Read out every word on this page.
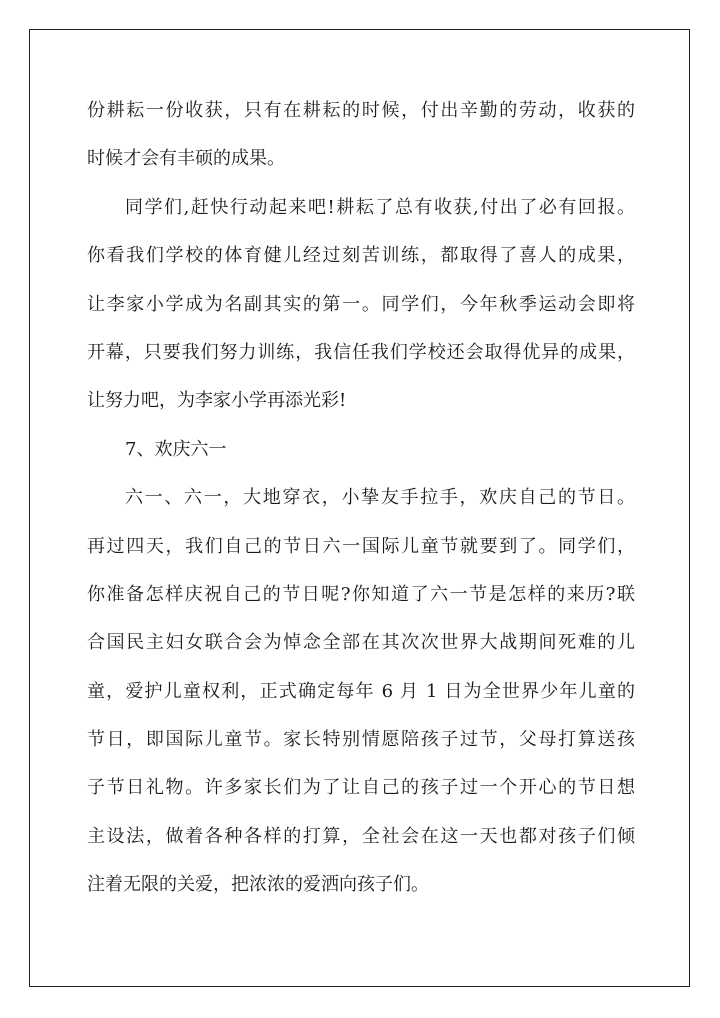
份耕耘一份收获，只有在耕耘的时候，付出辛勤的劳动，收获的
时候才会有丰硕的成果。
同学们,赶快行动起来吧!耕耘了总有收获,付出了必有回报。
你看我们学校的体育健儿经过刻苦训练，都取得了喜人的成果，
让李家小学成为名副其实的第一。同学们，今年秋季运动会即将
开幕，只要我们努力训练，我信任我们学校还会取得优异的成果，
让努力吧，为李家小学再添光彩!
7、欢庆六一
六一、六一，大地穿衣，小挚友手拉手，欢庆自己的节日。
再过四天，我们自己的节日六一国际儿童节就要到了。同学们，
你准备怎样庆祝自己的节日呢?你知道了六一节是怎样的来历?联
合国民主妇女联合会为悼念全部在其次次世界大战期间死难的儿
童，爱护儿童权利，正式确定每年 6 月 1 日为全世界少年儿童的
节日，即国际儿童节。家长特别情愿陪孩子过节，父母打算送孩
子节日礼物。许多家长们为了让自己的孩子过一个开心的节日想
主设法，做着各种各样的打算，全社会在这一天也都对孩子们倾
注着无限的关爱，把浓浓的爱洒向孩子们。
